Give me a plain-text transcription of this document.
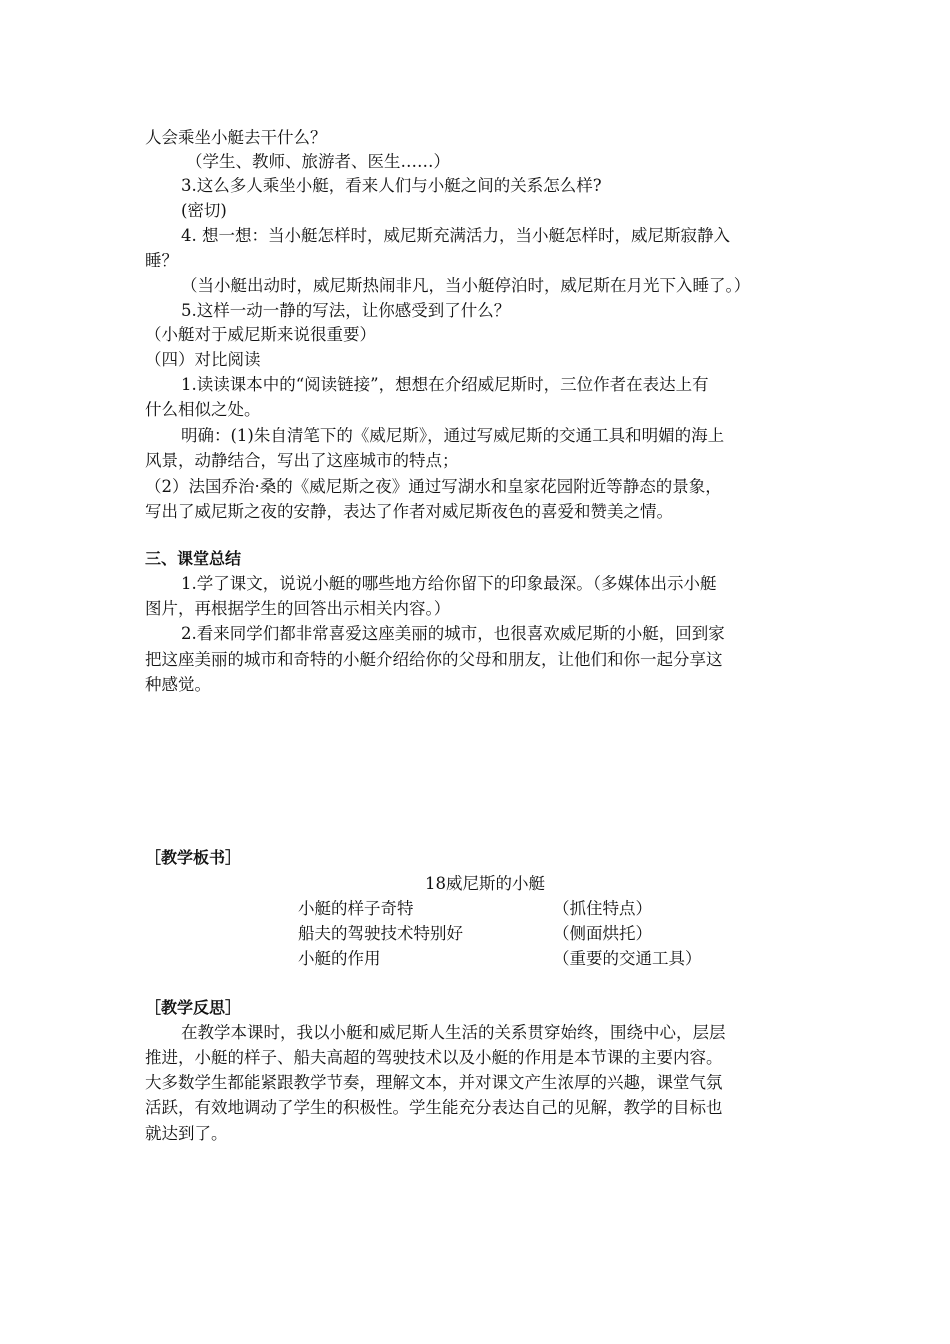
人会乘坐小艇去干什么？
（学生、教师、旅游者、医生……）
3.这么多人乘坐小艇，看来人们与小艇之间的关系怎么样?
(密切)
4. 想一想：当小艇怎样时，威尼斯充满活力，当小艇怎样时，威尼斯寂静入
睡？
（当小艇出动时，威尼斯热闹非凡，当小艇停泊时，威尼斯在月光下入睡了。）
5.这样一动一静的写法，让你感受到了什么？
（小艇对于威尼斯来说很重要）
（四）对比阅读
1.读读课本中的“阅读链接”，想想在介绍威尼斯时，三位作者在表达上有
什么相似之处。
明确：(1)朱自清笔下的《威尼斯》，通过写威尼斯的交通工具和明媚的海上
风景，动静结合，写出了这座城市的特点；
（2）法国乔治·桑的《威尼斯之夜》通过写湖水和皇家花园附近等静态的景象，
写出了威尼斯之夜的安静，表达了作者对威尼斯夜色的喜爱和赞美之情。
三、课堂总结
1.学了课文，说说小艇的哪些地方给你留下的印象最深。（多媒体出示小艇
图片，再根据学生的回答出示相关内容。）
2.看来同学们都非常喜爱这座美丽的城市，也很喜欢威尼斯的小艇，回到家
把这座美丽的城市和奇特的小艇介绍给你的父母和朋友，让他们和你一起分享这
种感觉。
［教学板书］
18威尼斯的小艇
小艇的样子奇特	（抓住特点）
船夫的驾驶技术特别好	（侧面烘托）
小艇的作用	（重要的交通工具）
［教学反思］
在教学本课时，我以小艇和威尼斯人生活的关系贯穿始终，围绕中心，层层
推进，小艇的样子、船夫高超的驾驶技术以及小艇的作用是本节课的主要内容。
大多数学生都能紧跟教学节奏，理解文本，并对课文产生浓厚的兴趣，课堂气氛
活跃，有效地调动了学生的积极性。学生能充分表达自己的见解，教学的目标也
就达到了。
